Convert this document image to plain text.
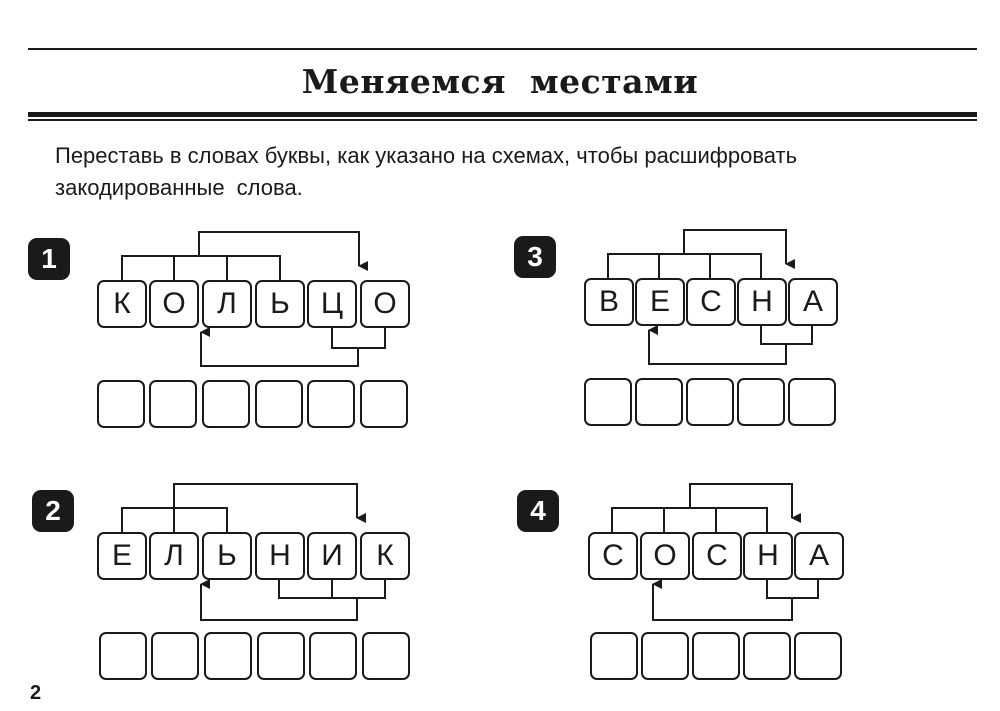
Меняемся местами
Переставь в словах буквы, как указано на схемах, чтобы расшифровать
закодированные слова.
1
К	О	Л	Ь	Ц	О
2
Е	Л	Ь	Н	И	К
3
В	Е	С Н	А
4
С О С Н	А
2
